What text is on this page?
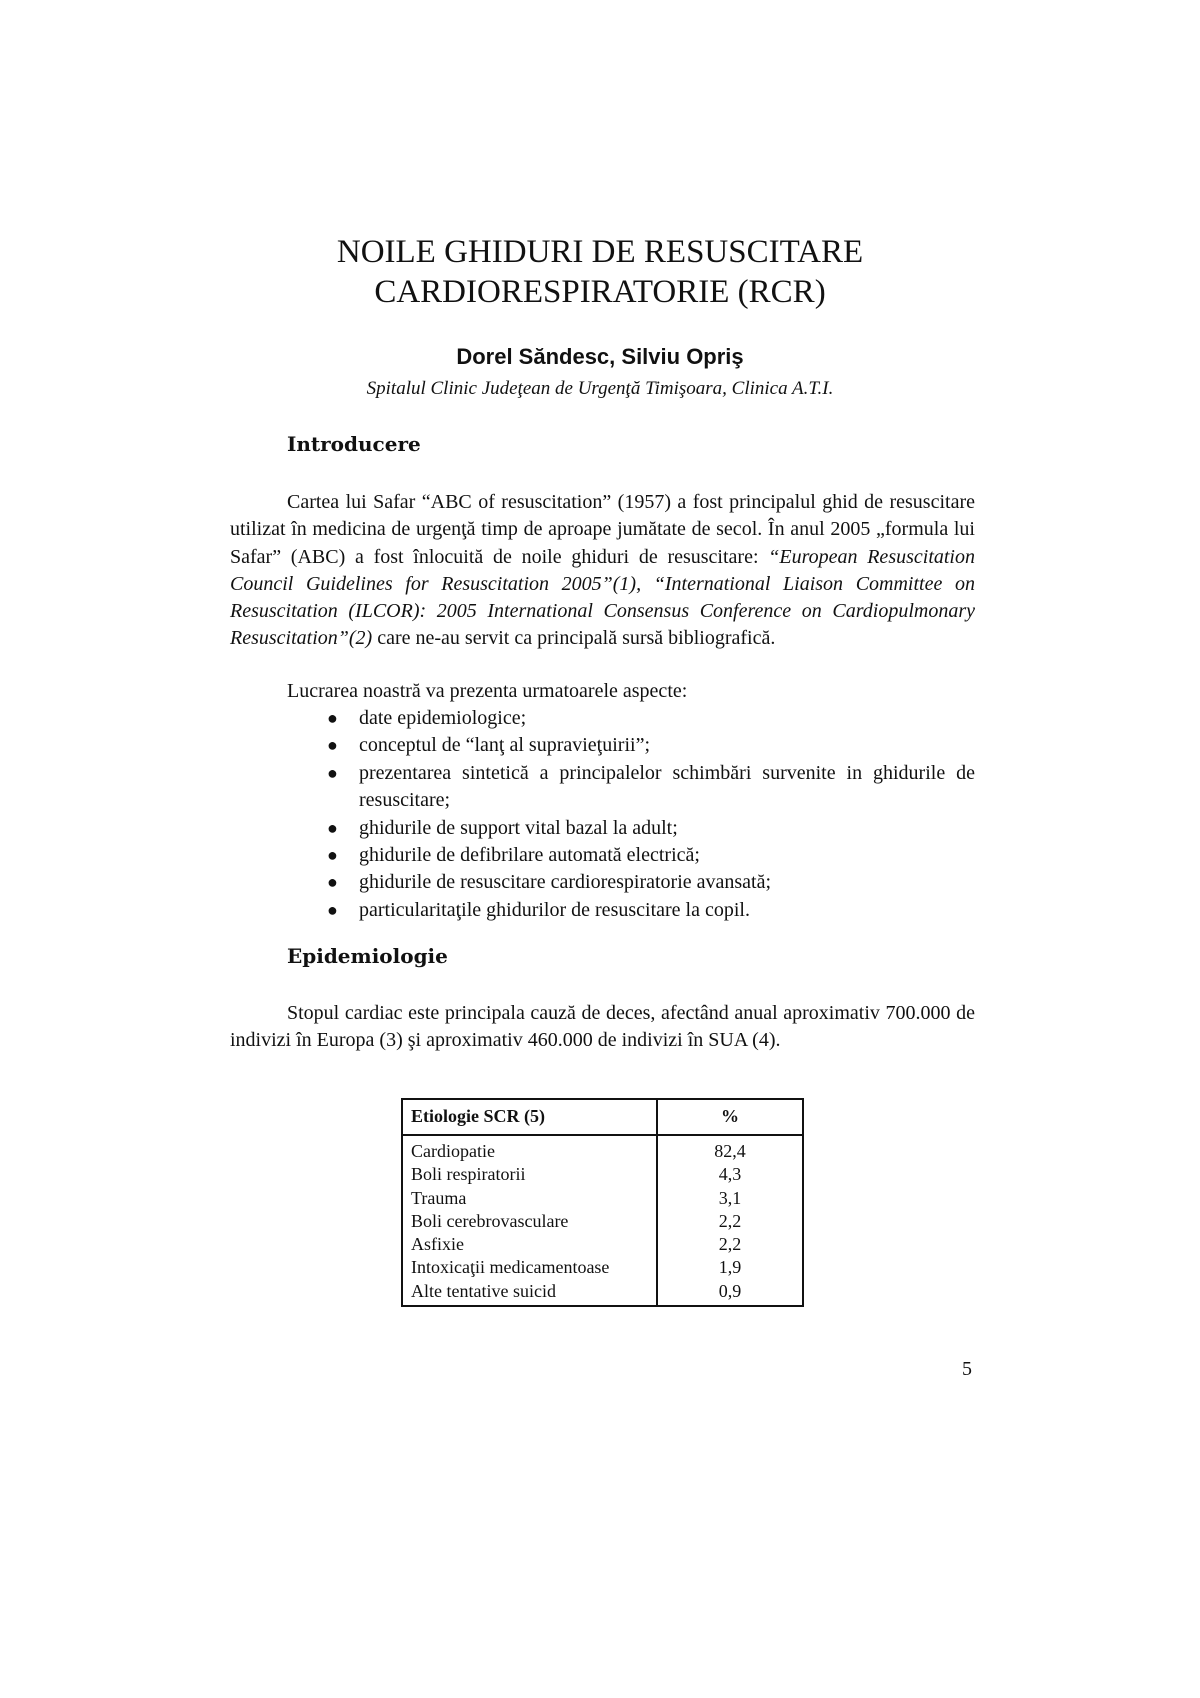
NOILE GHIDURI DE RESUSCITARE
CARDIORESPIRATORIE (RCR)
Dorel Săndesc, Silviu Opriş
Spitalul Clinic Judeţean de Urgenţă Timişoara, Clinica A.T.I.
Introducere
Cartea lui Safar “ABC of resuscitation” (1957) a fost principalul ghid de resuscitare utilizat în medicina de urgenţă timp de aproape jumătate de secol. În anul 2005 „formula lui Safar” (ABC) a fost înlocuită de noile ghiduri de resuscitare: “European Resuscitation Council Guidelines for Resuscitation 2005”(1), “International Liaison Committee on Resuscitation (ILCOR): 2005 International Consensus Conference on Cardiopulmonary Resuscitation”(2) care ne-au servit ca principală sursă bibliografică.
Lucrarea noastră va prezenta urmatoarele aspecte:
● date epidemiologice;
● conceptul de “lanţ al supravieţuirii”;
● prezentarea sintetică a principalelor schimbări survenite in ghidurile de resuscitare;
● ghidurile de support vital bazal la adult;
● ghidurile de defibrilare automată electrică;
● ghidurile de resuscitare cardiorespiratorie avansată;
● particularitaţile ghidurilor de resuscitare la copil.
Epidemiologie
Stopul cardiac este principala cauză de deces, afectând anual aproximativ 700.000 de indivizi în Europa (3) şi aproximativ 460.000 de indivizi în SUA (4).
Etiologie SCR (5)	%
Cardiopatie	82,4
Boli respiratorii	4,3
Trauma	3,1
Boli cerebrovasculare	2,2
Asfixie	2,2
Intoxicaţii medicamentoase	1,9
Alte tentative suicid	0,9
5
